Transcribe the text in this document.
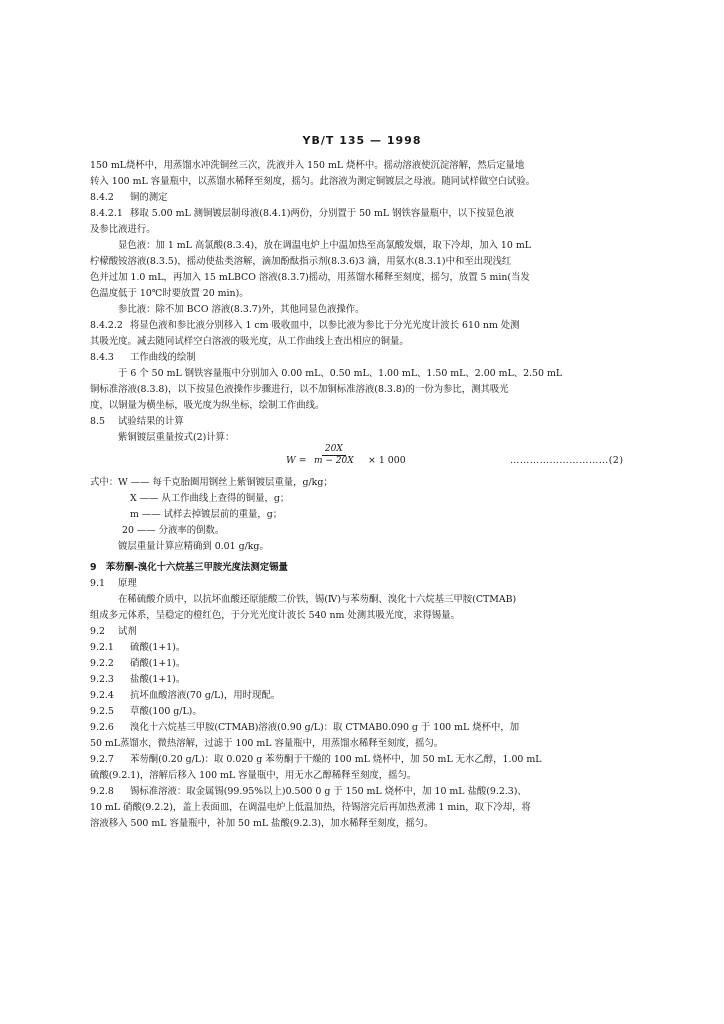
YB/T 135 — 1998

150 mL烧杯中，用蒸馏水冲洗铜丝三次，洗液并入 150 mL 烧杯中。摇动溶液使沉淀溶解，然后定量地

转入 100 mL 容量瓶中，以蒸馏水稀释至刻度，摇匀。此溶液为测定铜镀层之母液。随同试样做空白试验。

8.4.2 铜的测定

8.4.2.1 移取 5.00 mL 测铜镀层制母液(8.4.1)两份，分别置于 50 mL 钢铁容量瓶中，以下按显色液

及参比液进行。

显色液：加 1 mL 高氯酸(8.3.4)，放在调温电炉上中温加热至高氯酸发烟，取下冷却，加入 10 mL

柠檬酸铵溶液(8.3.5)，摇动使盐类溶解，滴加酚酞指示剂(8.3.6)3 滴，用氨水(8.3.1)中和至出现浅红

色并过加 1.0 mL，再加入 15 mLBCO 溶液(8.3.7)摇动，用蒸馏水稀释至刻度，摇匀，放置 5 min(当发

色温度低于 10℃时要放置 20 min)。

参比液：除不加 BCO 溶液(8.3.7)外，其他同显色液操作。

8.4.2.2 将显色液和参比液分别移入 1 cm 吸收皿中，以参比液为参比于分光光度计波长 610 nm 处测

其吸光度。减去随同试样空白溶液的吸光度，从工作曲线上查出相应的铜量。

8.4.3 工作曲线的绘制

于 6 个 50 mL 钢铁容量瓶中分别加入 0.00 mL、0.50 mL、1.00 mL、1.50 mL、2.00 mL、2.50 mL

铜标准溶液(8.3.8)，以下按显色液操作步骤进行，以不加铜标准溶液(8.3.8)的一份为参比，测其吸光

度，以铜量为横坐标，吸光度为纵坐标，绘制工作曲线。

8.5 试验结果的计算

紫铜镀层重量按式(2)计算：

$W = \frac{20X}{m - 20X} \times 1$ 000	…………………………(2)

式中：W —— 每千克胎圈用钢丝上紫铜镀层重量，g/kg；

X —— 从工作曲线上查得的铜量，g；

m —— 试样去掉镀层前的重量，g；

20 —— 分液率的倒数。

镀层重量计算应精确到 0.01 g/kg。

9　苯芴酮-溴化十六烷基三甲胺光度法测定锡量

9.1 原理

在稀硫酸介质中，以抗坏血酸还原能酸二价铁，锡(Ⅳ)与苯芴酮、溴化十六烷基三甲胺(CTMAB)

组成多元体系，呈稳定的橙红色，于分光光度计波长 540 nm 处测其吸光度，求得锡量。

9.2 试剂

9.2.1 硫酸(1+1)。

9.2.2 硝酸(1+1)。

9.2.3 盐酸(1+1)。

9.2.4 抗坏血酸溶液(70 g/L)，用时现配。

9.2.5 草酸(100 g/L)。

9.2.6 溴化十六烷基三甲胺(CTMAB)溶液(0.90 g/L)：取 CTMAB0.090 g 于 100 mL 烧杯中，加

50 mL蒸馏水，微热溶解，过滤于 100 mL 容量瓶中，用蒸馏水稀释至刻度，摇匀。

9.2.7 苯芴酮(0.20 g/L)：取 0.020 g 苯芴酮于干燥的 100 mL 烧杯中，加 50 mL 无水乙醇，1.00 mL

硫酸(9.2.1)，溶解后移入 100 mL 容量瓶中，用无水乙醇稀释至刻度，摇匀。

9.2.8 锡标准溶液：取金属锡(99.95%以上)0.500 0 g 于 150 mL 烧杯中，加 10 mL 盐酸(9.2.3)、

10 mL 硝酸(9.2.2)，盖上表面皿，在调温电炉上低温加热，待锡溶完后再加热煮沸 1 min，取下冷却，将

溶液移入 500 mL 容量瓶中，补加 50 mL 盐酸(9.2.3)，加水稀释至刻度，摇匀。
